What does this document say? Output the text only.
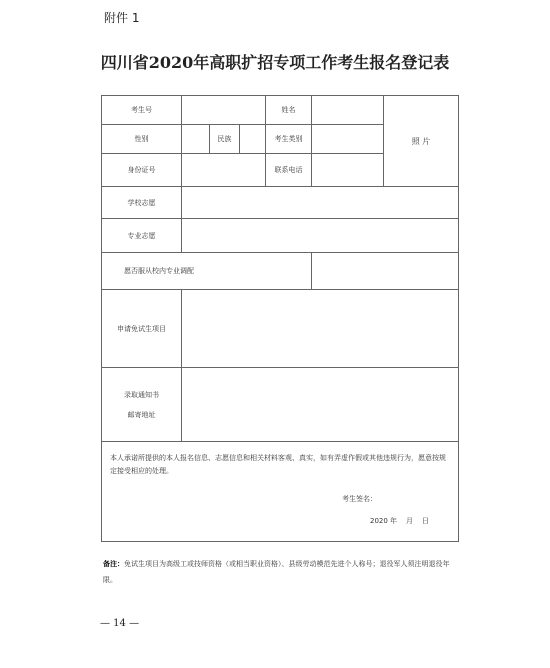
附件 1
四川省2020年高职扩招专项工作考生报名登记表
考生号				姓名		照 片
性别		民族		考生类别		
身份证号				联系电话		
学校志愿						
专业志愿						
愿否服从校内专业调配						
申请免试生项目						

录取通知书
邮寄地址						

本人承诺所提供的本人报名信息、志愿信息和相关材料客观、真实，如有弄虚作假或其他违规行为，愿意按规定接受相应的处理。
考生签名：
2020 年    月    日						
备注：免试生项目为高级工或技师资格（或相当职业资格）、县级劳动模范先进个人称号；退役军人须注明退役年限。
— 14 —
